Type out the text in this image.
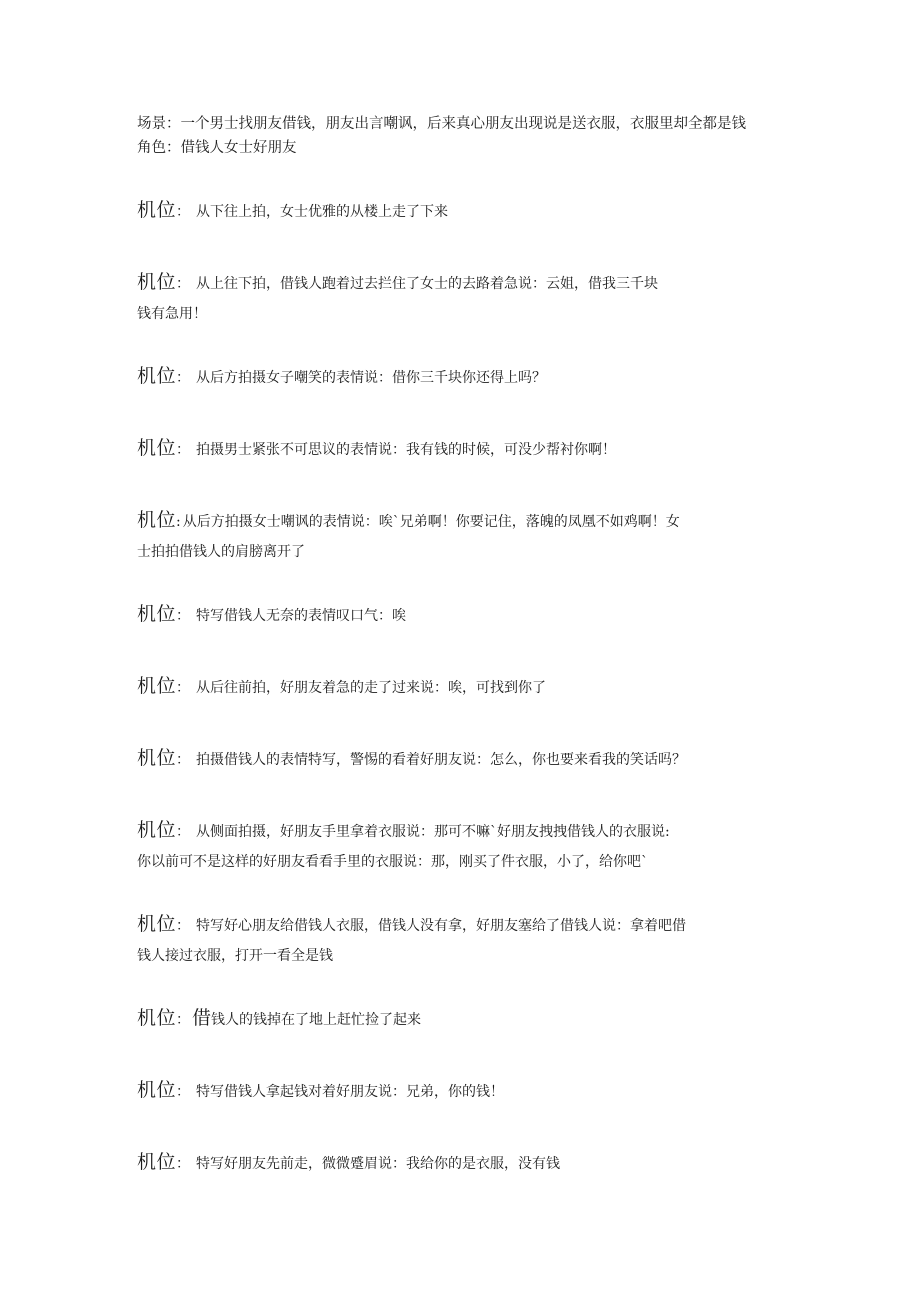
场景：一个男士找朋友借钱，朋友出言嘲讽，后来真心朋友出现说是送衣服，衣服里却全都是钱
角色：借钱人女士好朋友
机位： 从下往上拍，女士优雅的从楼上走了下来
机位： 从上往下拍，借钱人跑着过去拦住了女士的去路着急说：云姐，借我三千块
钱有急用！
机位： 从后方拍摄女子嘲笑的表情说：借你三千块你还得上吗？
机位： 拍摄男士紧张不可思议的表情说：我有钱的时候，可没少帮衬你啊！
机位: 从后方拍摄女士嘲讽的表情说：唉`兄弟啊！你要记住，落魄的凤凰不如鸡啊！女
士拍拍借钱人的肩膀离开了
机位： 特写借钱人无奈的表情叹口气：唉
机位： 从后往前拍，好朋友着急的走了过来说：唉，可找到你了
机位： 拍摄借钱人的表情特写，警惕的看着好朋友说：怎么，你也要来看我的笑话吗？
机位： 从侧面拍摄，好朋友手里拿着衣服说：那可不嘛`好朋友拽拽借钱人的衣服说:
你以前可不是这样的好朋友看看手里的衣服说：那，刚买了件衣服，小了，给你吧`
机位： 特写好心朋友给借钱人衣服，借钱人没有拿，好朋友塞给了借钱人说：拿着吧借
钱人接过衣服，打开一看全是钱
机位： 借钱人的钱掉在了地上赶忙捡了起来
机位： 特写借钱人拿起钱对着好朋友说：兄弟，你的钱！
机位： 特写好朋友先前走，微微蹙眉说：我给你的是衣服，没有钱
